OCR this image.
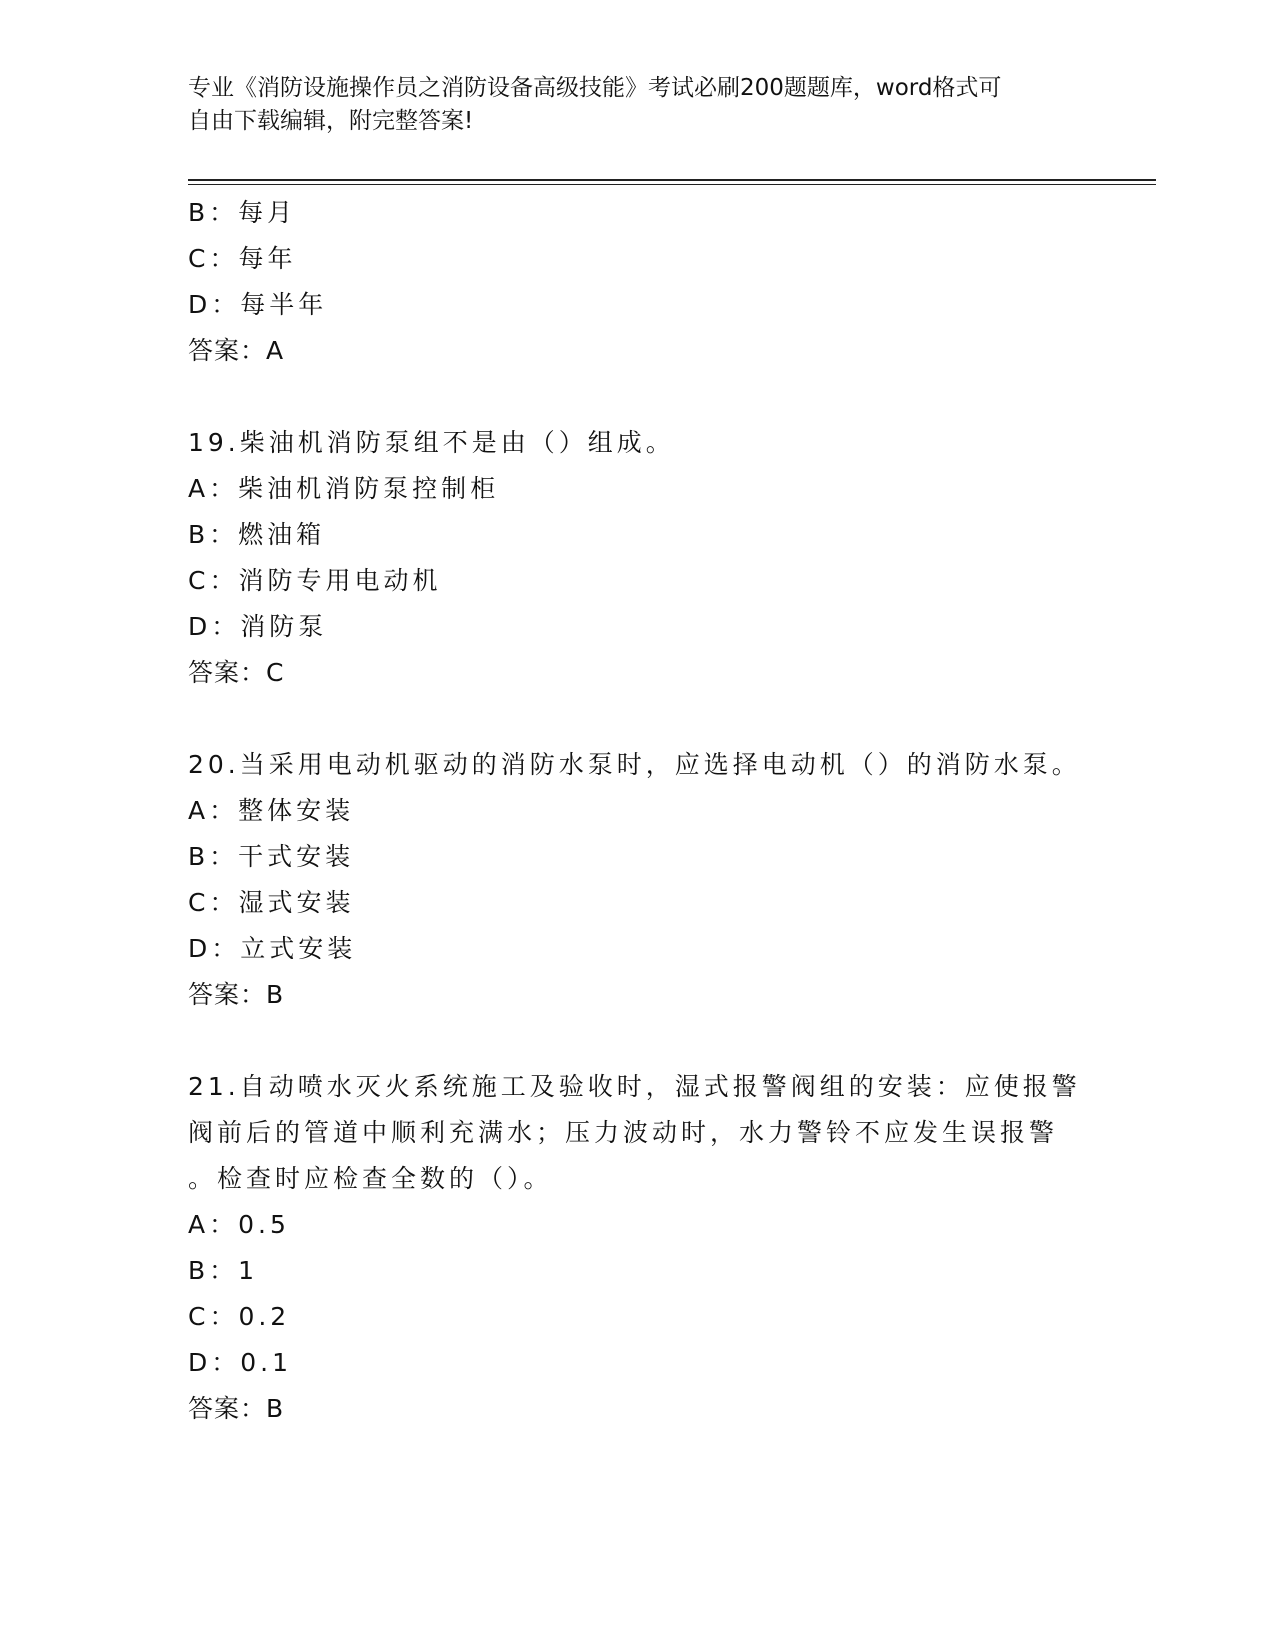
专业《消防设施操作员之消防设备高级技能》考试必刷200题题库，word格式可
自由下载编辑，附完整答案!
B：每月
C：每年
D：每半年
答案：A
19.柴油机消防泵组不是由（）组成。
A：柴油机消防泵控制柜
B：燃油箱
C：消防专用电动机
D：消防泵
答案：C
20.当采用电动机驱动的消防水泵时，应选择电动机（）的消防水泵。
A：整体安装
B：干式安装
C：湿式安装
D：立式安装
答案：B
21.自动喷水灭火系统施工及验收时，湿式报警阀组的安装：应使报警
阀前后的管道中顺利充满水；压力波动时，水力警铃不应发生误报警
。检查时应检查全数的（）。
A：0.5
B：1
C：0.2
D：0.1
答案：B
